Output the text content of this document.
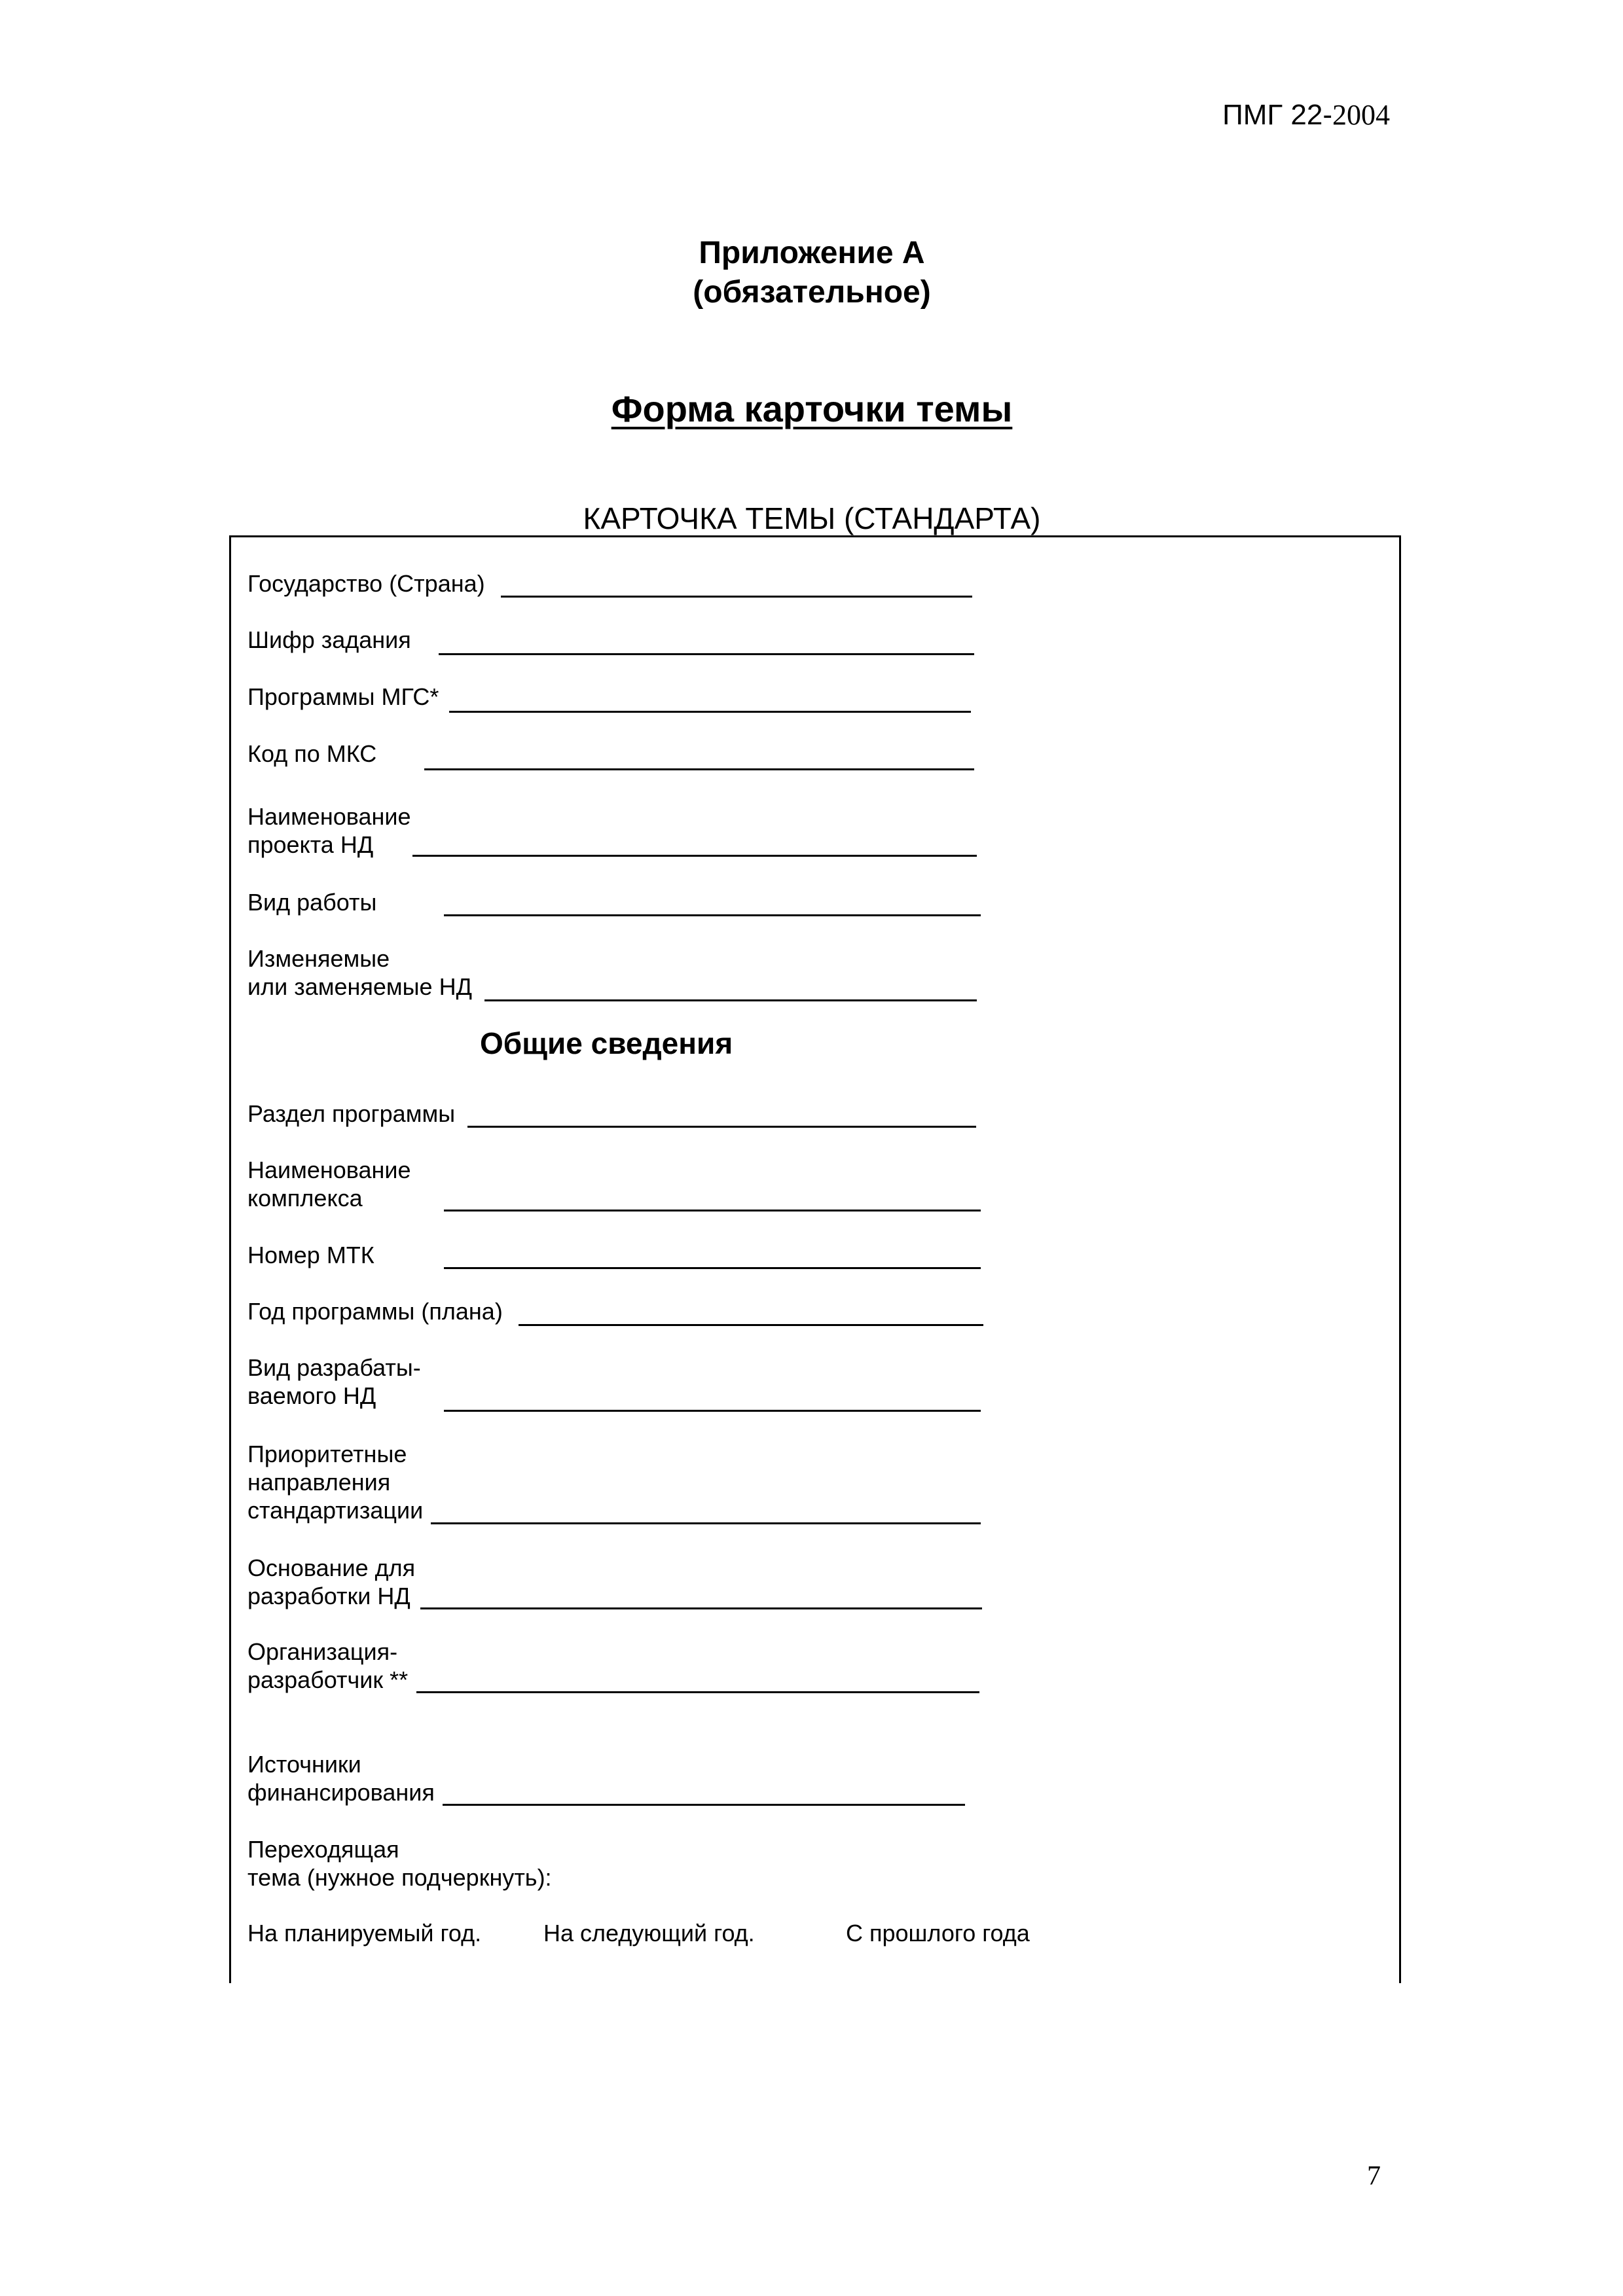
ПМГ 22-2004
Приложение А
(обязательное)
Форма карточки темы
КАРТОЧКА ТЕМЫ (СТАНДАРТА)
Государство (Страна)
Шифр задания
Программы МГС*
Код по МКС
Наименование
проекта НД
Вид работы
Изменяемые
или заменяемые НД
Общие сведения
Раздел программы
Наименование
комплекса
Номер МТК
Год программы (плана)
Вид разрабаты-
ваемого НД
Приоритетные
направления
стандартизации
Основание для
разработки НД
Организация-
разработчик **
Источники
финансирования
Переходящая
тема (нужное подчеркнуть):
На планируемый год.	На следующий год.	С прошлого года
7
